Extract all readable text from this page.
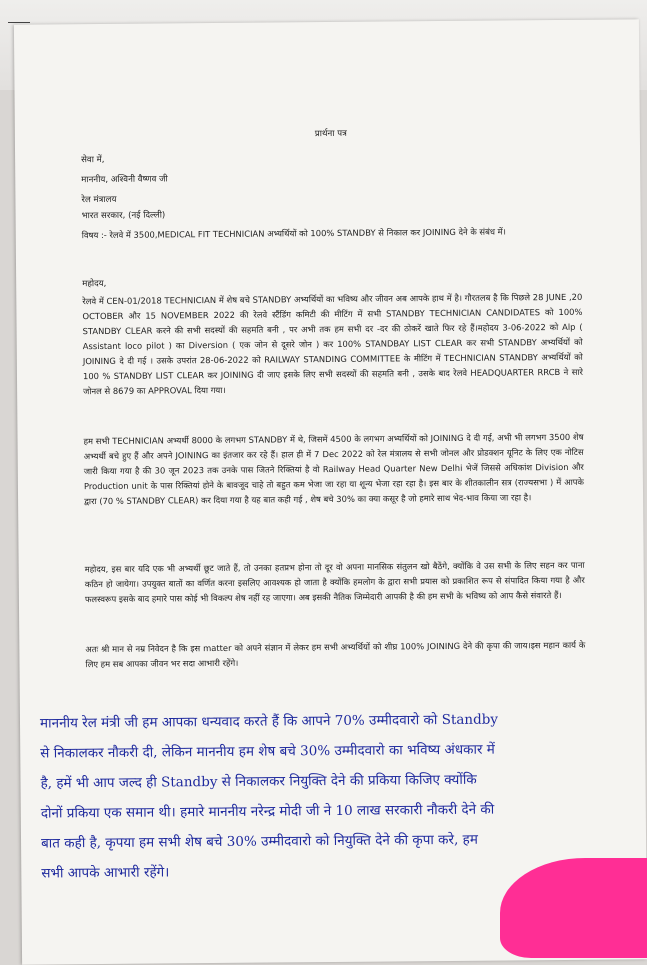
प्रार्थना पत्र
सेवा में,
माननीय, अश्विनी वैष्णव जी
रेल मंत्रालय
भारत सरकार, (नई दिल्ली)
विषय :- रेलवे में 3500,MEDICAL FIT TECHNICIAN अभ्यर्थियों को 100% STANDBY से निकाल कर JOINING देने के संबंध में।
महोदय,
रेलवे में CEN-01/2018 TECHNICIAN में शेष बचे STANDBY अभ्यर्थियों का भविष्य और जीवन अब आपके हाथ में है। गौरतलब है कि पिछले 28 JUNE ,20 OCTOBER और 15 NOVEMBER 2022 की रेलवे स्टैंडिंग कमिटी की मीटिंग में सभी STANDBY TECHNICIAN CANDIDATES को 100% STANDBY CLEAR करने की सभी सदस्यों की सहमति बनी , पर अभी तक हम सभी दर -दर की ठोकरें खाते फिर रहे हैं।महोदय 3-06-2022 को Alp ( Assistant loco pilot ) का Diversion ( एक जोन से दूसरे जोन ) कर 100% STANDBAY LIST CLEAR कर सभी STANDBY अभ्यर्थियों को JOINING दे दी गई । उसके उपरांत 28-06-2022 को RAILWAY STANDING COMMITTEE के मीटिंग में TECHNICIAN STANDBY अभ्यर्थियों को 100 % STANDBY LIST CLEAR कर JOINING दी जाए इसके लिए सभी सदस्यों की सहमति बनी , उसके बाद रेलवे HEADQUARTER RRCB ने सारे जोनल से 8679 का APPROVAL दिया गया।
हम सभी TECHNICIAN अभ्यर्थी 8000 के लगभग STANDBY में थे, जिसमें 4500 के लगभग अभ्यर्थियों को JOINING दे दी गई, अभी भी लगभग 3500 शेष अभ्यर्थी बचे हुए हैं और अपने JOINING का इंतजार कर रहे हैं। हाल ही में 7 Dec 2022 को रेल मंत्रालय से सभी जोनल और प्रोडक्शन यूनिट के लिए एक नोटिस जारी किया गया है की 30 जून 2023 तक उनके पास जितने रिक्तियां है वो Railway Head Quarter New Delhi भेजें जिससे अधिकांश Division और Production unit के पास रिक्तियां होने के बावजूद चाहे तो बहुत कम भेजा जा रहा या शून्य भेजा रहा रहा है। इस बार के शीतकालीन सत्र (राज्यसभा ) में आपके द्वारा (70 % STANDBY CLEAR) कर दिया गया है यह बात कही गई , शेष बचे 30% का क्या कसूर है जो हमारे साथ भेद-भाव किया जा रहा है।
महोदय, इस बार यदि एक भी अभ्यर्थी छूट जाते हैं, तो उनका हतप्रभ होना तो दूर वो अपना मानसिक संतुलन खो बैठेंगे, क्योंकि वे उस सभी के लिए सहन कर पाना कठिन हो जायेगा। उपयुक्त बातों का वर्णित करना इसलिए आवश्यक हो जाता है क्योंकि हमलोग के द्वारा सभी प्रयास को प्रकाशित रूप से संपादित किया गया है और फलस्वरूप इसके बाद हमारे पास कोई भी विकल्प शेष नहीं रह जाएगा। अब इसकी नैतिक जिम्मेदारी आपकी है की हम सभी के भविष्य को आप कैसे संवारते हैं।
अतः श्री मान से नम्र निवेदन है कि इस matter को अपने संज्ञान में लेकर हम सभी अभ्यर्थियों को शीघ्र 100% JOINING देने की कृपा की जाय।इस महान कार्य के लिए हम सब आपका जीवन भर सदा आभारी रहेंगे।
माननीय रेल मंत्री जी हम आपका धन्यवाद करते हैं कि आपने 70% उम्मीदवारो को Standby से निकालकर नौकरी दी, लेकिन माननीय हम शेष बचे 30% उम्मीदवारो का भविष्य अंधकार में है, हमें भी आप जल्द ही Standby से निकालकर नियुक्ति देने की प्रकिया किजिए क्योंकि दोनों प्रकिया एक समान थी। हमारे माननीय नरेन्द्र मोदी जी ने 10 लाख सरकारी नौकरी देने की बात कही है, कृपया हम सभी शेष बचे 30% उम्मीदवारो को नियुक्ति देने की कृपा करे, हम सभी आपके आभारी रहेंगे।
